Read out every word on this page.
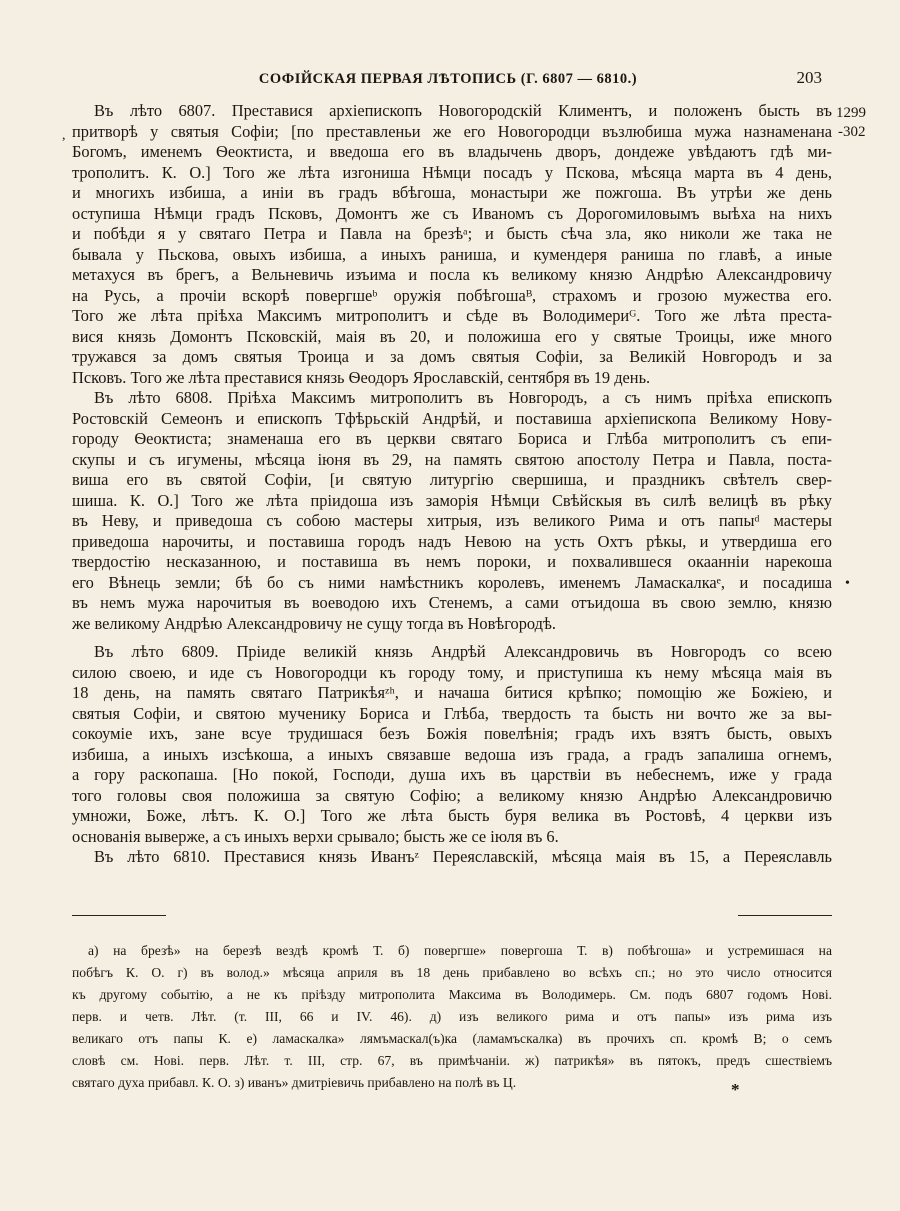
СОФІЙСКАЯ ПЕРВАЯ ЛѢТОПИСЬ (Г. 6807 — 6810.)	203
1299
-302
,
•
Въ лѣто 6807. Преставися архіепископъ Новогородскій Климентъ, и положенъ бысть въ
притворѣ у святыя Софіи; [по преставленьи же его Новогородци възлюбиша мужа назнаменана
Богомъ, именемъ Ѳеоктиста, и введоша его въ владычень дворъ, дондеже увѣдаютъ гдѣ ми-
трополитъ. К. О.] Того же лѣта изгониша Нѣмци посадъ у Пскова, мѣсяца марта въ 4 день,
и многихъ избиша, а иніи въ градъ вбѣгоша, монастыри же пожгоша. Въ утрѣи же день
оступиша Нѣмци градъ Псковъ, Домонтъ же съ Иваномъ съ Дорогомиловымъ выѣха на нихъ
и побѣди я у святаго Петра и Павла на брезѣᵃ; и бысть сѣча зла, яко николи же така не
бывала у Пьскова, овыхъ избиша, а иныхъ раниша, и кумендеря раниша по главѣ, а иные
метахуся въ брегъ, а Вельневичь изъима и посла къ великому князю Андрѣю Александровичу
на Русь, а прочіи вскорѣ повергшеᵇ оружія побѣгошаᴮ, страхомъ и грозою мужества его.
Того же лѣта пріѣха Максимъ митрополитъ и сѣде въ Володимериᴳ. Того же лѣта преста-
вися князь Домонтъ Псковскій, маія въ 20, и положиша его у святые Троицы, иже много
тружався за домъ святыя Троица и за домъ святыя Софіи, за Великій Новгородъ и за
Псковъ. Того же лѣта преставися князь Ѳеодоръ Ярославскій, сентября въ 19 день.
Въ лѣто 6808. Пріѣха Максимъ митрополитъ въ Новгородъ, а съ нимъ пріѣха епископъ
Ростовскій Семеонъ и епископъ Тфѣрьскій Андрѣй, и поставиша архіепископа Великому Нову-
городу Ѳеоктиста; знаменаша его въ церкви святаго Бориса и Глѣба митрополитъ съ епи-
скупы и съ игумены, мѣсяца іюня въ 29, на память святою апостолу Петра и Павла, поста-
виша его въ святой Софіи, [и святую литургію свершиша, и праздникъ свѣтелъ свер-
шиша. К. О.] Того же лѣта пріидоша изъ заморія Нѣмци Свѣйскыя въ силѣ велицѣ въ рѣку
въ Неву, и приведоша съ собою мастеры хитрыя, изъ великого Рима и отъ папыᵈ мастеры
приведоша нарочиты, и поставиша городъ надъ Невою на усть Охтъ рѣкы, и утвердиша его
твердостію несказанною, и поставиша въ немъ пороки, и похвалившеся окаанніи нарекоша
его Вѣнець земли; бѣ бо съ ними намѣстникъ королевъ, именемъ Ламаскалкаᵉ, и посадиша
въ немъ мужа нарочитыя въ воеводою ихъ Стенемъ, а сами отъидоша въ свою землю, князю
же великому Андрѣю Александровичу не сущу тогда въ Новѣгородѣ.
Въ лѣто 6809. Пріиде великій князь Андрѣй Александровичь въ Новгородъ со всею
силою своею, и иде съ Новогородци къ городу тому, и приступиша къ нему мѣсяца маія въ
18 день, на память святаго Патрикѣяᶻʰ, и начаша битися крѣпко; помощію же Божіею, и
святыя Софіи, и святою мученику Бориса и Глѣба, твердость та бысть ни вочто же за вы-
сокоуміе ихъ, зане всуе трудишася безъ Божія повелѣнія; градъ ихъ взятъ бысть, овыхъ
избиша, а иныхъ изсѣкоша, а иныхъ связавше ведоша изъ града, а градъ запалиша огнемъ,
а гору раскопаша. [Но покой, Господи, душа ихъ въ царствіи въ небеснемъ, иже у града
того головы своя положиша за святую Софію; а великому князю Андрѣю Александровичю
умножи, Боже, лѣтъ. К. О.] Того же лѣта бысть буря велика въ Ростовѣ, 4 церкви изъ
основанія выверже, а съ иныхъ верхи срывало; бысть же се іюля въ 6.
Въ лѣто 6810. Преставися князь Иванъᶻ Переяславскій, мѣсяца маія въ 15, а Переяславль
а) на брезѣ» на березѣ вездѣ кромѣ Т. б) повергше» повергоша Т. в) побѣгоша» и устремишася на
побѣгъ К. О. г) въ волод.» мѣсяца априля въ 18 день прибавлено во всѣхъ сп.; но это число относится
къ другому событію, а не къ пріѣзду митрополита Максима въ Володимерь. См. подъ 6807 годомъ Нові.
перв. и четв. Лѣт. (т. III, 66 и IV. 46). д) изъ великого рима и отъ папы» изъ рима изъ
великаго отъ папы К. е) ламаскалка» лямъмаскал(ъ)ка (ламамъскалка) въ прочихъ сп. кромѣ В; о семъ
словѣ см. Нові. перв. Лѣт. т. III, стр. 67, въ примѣчаніи. ж) патрикѣя» въ пятокъ, предъ сшествіемъ
святаго духа прибавл. К. О. з) иванъ» дмитріевичь прибавлено на полѣ въ Ц.	*
